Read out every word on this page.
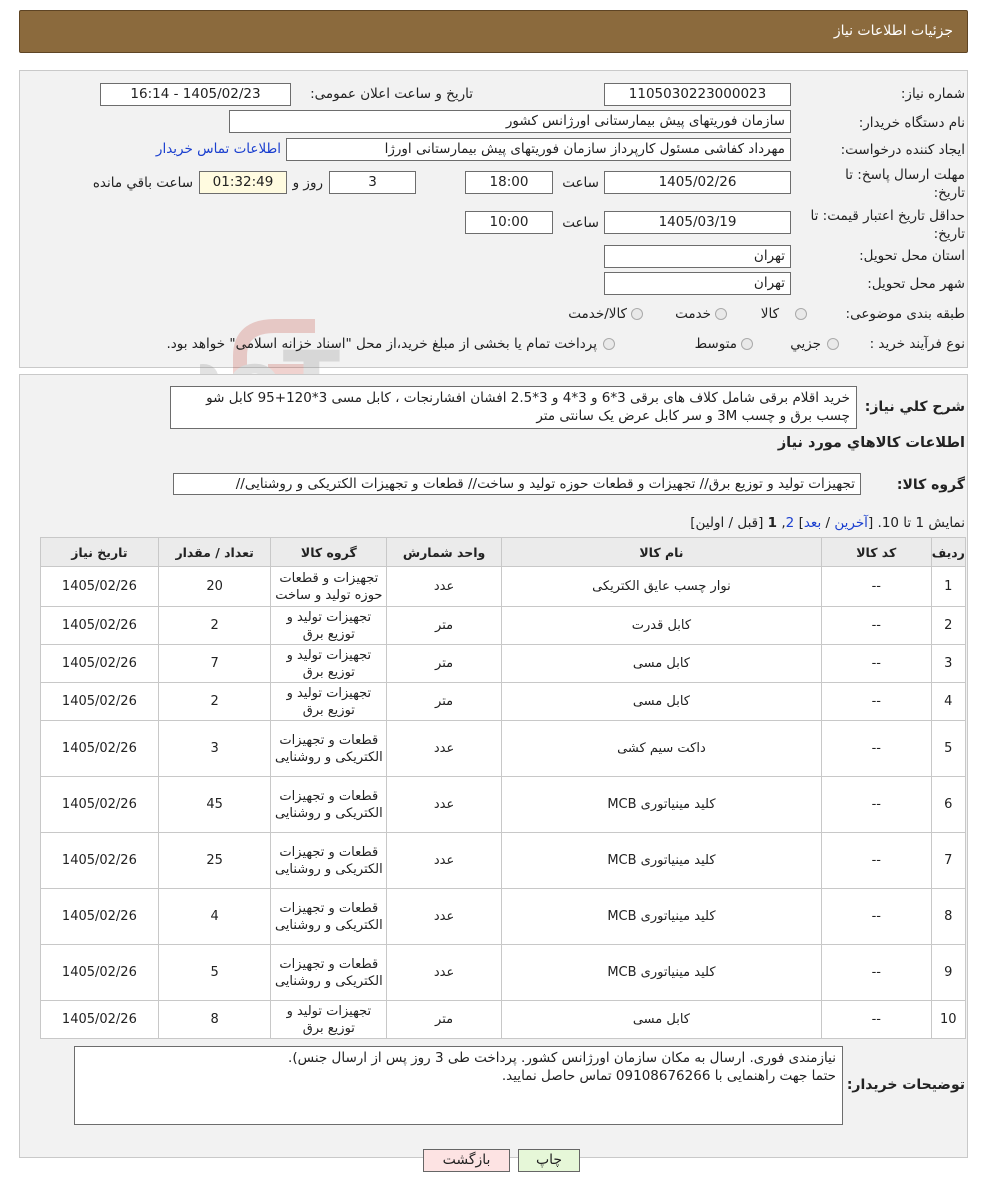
جزئیات اطلاعات نیاز
شماره نیاز:
1105030223000023
تاریخ و ساعت اعلان عمومی:
1405/02/23 - 16:14
نام دستگاه خریدار:
سازمان فوریتهای پیش بیمارستانی اورژانس کشور
ایجاد کننده درخواست:
مهرداد کفاشی مسئول کارپرداز سازمان فوریتهای پیش بیمارستانی اورژا
اطلاعات تماس خریدار
مهلت ارسال پاسخ: تا تاریخ:
1405/02/26
ساعت
18:00
3
روز و
01:32:49
ساعت باقي مانده
حداقل تاريخ اعتبار قيمت: تا تاريخ:
1405/03/19
ساعت
10:00
استان محل تحويل:
تهران
شهر محل تحويل:
تهران
طبقه بندی موضوعی:
کالا
خدمت
کالا/خدمت
نوع فرآيند خريد :
جزيي
متوسط
پرداخت تمام یا بخشی از مبلغ خرید،از محل "اسناد خزانه اسلامی" خواهد بود.
شرح کلي نياز:
خرید اقلام برقی شامل کلاف های برقی 3*6 و 3*4 و 3*2.5 افشان افشارنجات ، کابل مسی 3*120+95 کابل شو چسب برق و چسب 3M و سر کابل عرض یک سانتی متر
اطلاعات کالاهاي مورد نياز
گروه کالا:
تجهیزات تولید و توزیع برق// تجهیزات و قطعات حوزه تولید و ساخت// قطعات و تجهیزات الکتریکی و روشنایی//
نمایش 1 تا 10. [آخرین / بعد] 2, 1 [قبل / اولین]
ردیف	کد کالا	نام کالا	واحد شمارش	گروه کالا	تعداد / مقدار	تاریخ نیاز
1	--	نوار چسب عایق الکتریکی	عدد	تجهیزات و قطعات حوزه تولید و ساخت	20	1405/02/26
2	--	کابل قدرت	متر	تجهیزات تولید و توزیع برق	2	1405/02/26
3	--	کابل مسی	متر	تجهیزات تولید و توزیع برق	7	1405/02/26
4	--	کابل مسی	متر	تجهیزات تولید و توزیع برق	2	1405/02/26
5	--	داکت سیم کشی	عدد	قطعات و تجهیزات الکتریکی و روشنایی	3	1405/02/26
6	--	کلید مینیاتوری MCB	عدد	قطعات و تجهیزات الکتریکی و روشنایی	45	1405/02/26
7	--	کلید مینیاتوری MCB	عدد	قطعات و تجهیزات الکتریکی و روشنایی	25	1405/02/26
8	--	کلید مینیاتوری MCB	عدد	قطعات و تجهیزات الکتریکی و روشنایی	4	1405/02/26
9	--	کلید مینیاتوری MCB	عدد	قطعات و تجهیزات الکتریکی و روشنایی	5	1405/02/26
10	--	کابل مسی	متر	تجهیزات تولید و توزیع برق	8	1405/02/26
توضیحات خریدار:
نیازمندی فوری. ارسال به مکان سازمان اورژانس کشور. پرداخت طی 3 روز پس از ارسال جنس).
حتما جهت راهنمایی با 09108676266 تماس حاصل نمایید.
چاپ
بازگشت
